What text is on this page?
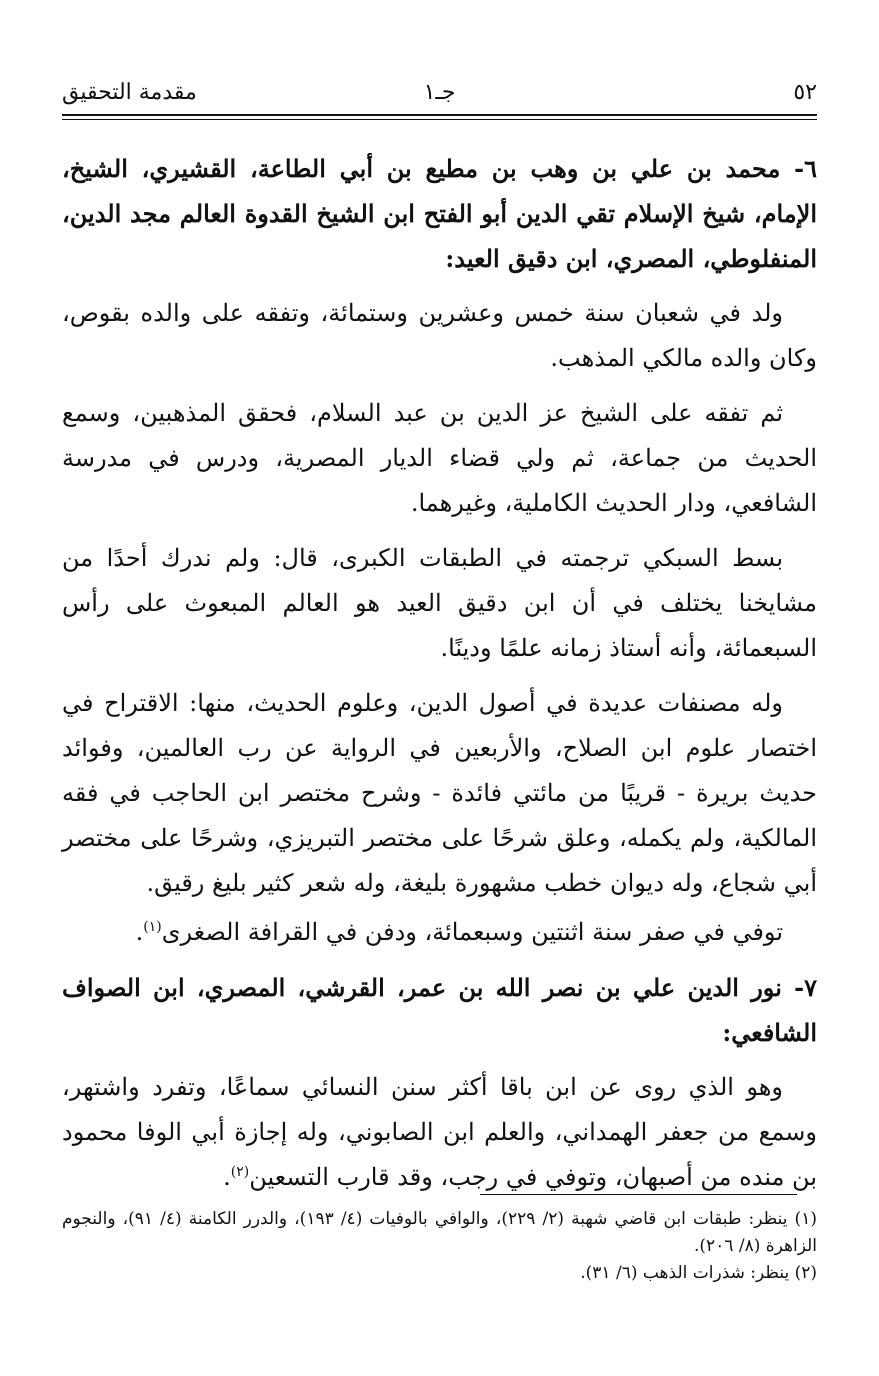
٥٢
جـ١
مقدمة التحقيق

٦- محمد بن علي بن وهب بن مطيع بن أبي الطاعة، القشيري، الشيخ، الإمام، شيخ الإسلام تقي الدين أبو الفتح ابن الشيخ القدوة العالم مجد الدين، المنفلوطي، المصري، ابن دقيق العيد:

ولد في شعبان سنة خمس وعشرين وستمائة، وتفقه على والده بقوص، وكان والده مالكي المذهب.

ثم تفقه على الشيخ عز الدين بن عبد السلام، فحقق المذهبين، وسمع الحديث من جماعة، ثم ولي قضاء الديار المصرية، ودرس في مدرسة الشافعي، ودار الحديث الكاملية، وغيرهما.

بسط السبكي ترجمته في الطبقات الكبرى، قال: ولم ندرك أحدًا من مشايخنا يختلف في أن ابن دقيق العيد هو العالم المبعوث على رأس السبعمائة، وأنه أستاذ زمانه علمًا ودينًا.

وله مصنفات عديدة في أصول الدين، وعلوم الحديث، منها: الاقتراح في اختصار علوم ابن الصلاح، والأربعين في الرواية عن رب العالمين، وفوائد حديث بريرة - قريبًا من مائتي فائدة - وشرح مختصر ابن الحاجب في فقه المالكية، ولم يكمله، وعلق شرحًا على مختصر التبريزي، وشرحًا على مختصر أبي شجاع، وله ديوان خطب مشهورة بليغة، وله شعر كثير بليغ رقيق.

توفي في صفر سنة اثنتين وسبعمائة، ودفن في القرافة الصغرى$^{(١)}$.

٧- نور الدين علي بن نصر الله بن عمر، القرشي، المصري، ابن الصواف الشافعي:

وهو الذي روى عن ابن باقا أكثر سنن النسائي سماعًا، وتفرد واشتهر، وسمع من جعفر الهمداني، والعلم ابن الصابوني، وله إجازة أبي الوفا محمود بن منده من أصبهان، وتوفي في رجب، وقد قارب التسعين$^{(٢)}$.

(١) ينظر: طبقات ابن قاضي شهبة (٢/ ٢٢٩)، والوافي بالوفيات (٤/ ١٩٣)، والدرر الكامنة (٤/ ٩١)، والنجوم الزاهرة (٨/ ٢٠٦).

(٢) ينظر: شذرات الذهب (٦/ ٣١).
